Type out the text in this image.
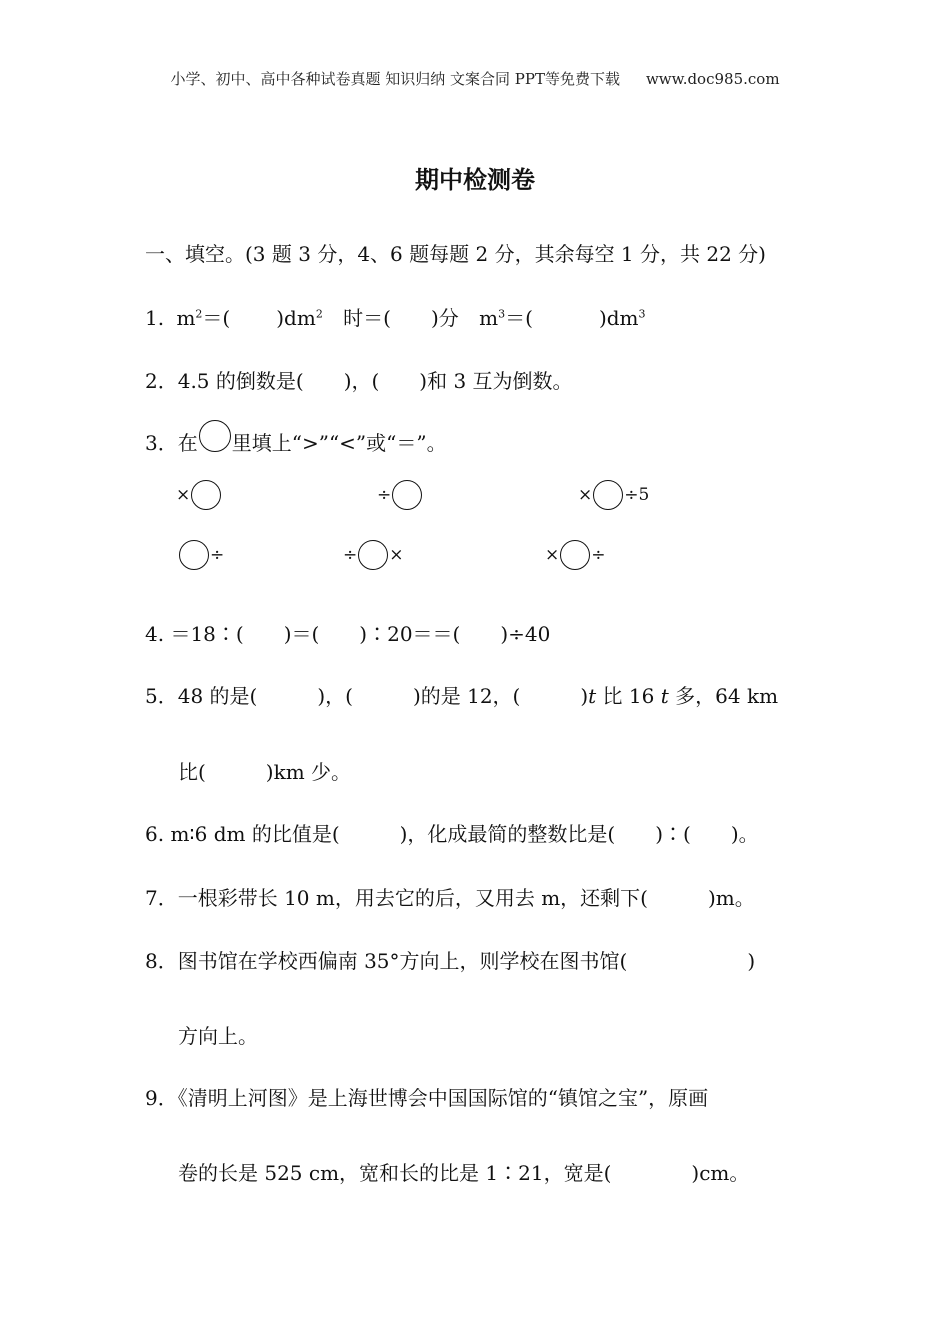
小学、初中、高中各种试卷真题 知识归纳 文案合同 PPT等免费下载 www.doc985.com
期中检测卷
一、填空。(3 题 3 分，4、6 题每题 2 分，其余每空 1 分，共 22 分)
1. $m^2=$( )$dm^2$ 时＝( )分 $m^3=$(	)$dm^3$
2．4.5 的倒数是(　　)，(　　)和 3 互为倒数。
3．在 里填上“>”“<”或“＝”。
×	÷	× ÷5
÷	÷ ×	× ÷
4. ＝18∶(　　)＝(　　)∶20＝＝(　　)÷40
5．48 的是(　　　)，(　　　)的是 12，(　　　)t 比 16 t 多，64 km
比(　　　)km 少。
6. m∶6 dm 的比值是(　　　)，化成最简的整数比是(　　)∶(　　)。
7．一根彩带长 10 m，用去它的后，又用去 m，还剩下(　　　)m。
8．图书馆在学校西偏南 35°方向上，则学校在图书馆(　　　　　　)
方向上。
9．《清明上河图》是上海世博会中国国际馆的“镇馆之宝”，原画
卷的长是 525 cm，宽和长的比是 1∶21，宽是(　　　　)cm。
